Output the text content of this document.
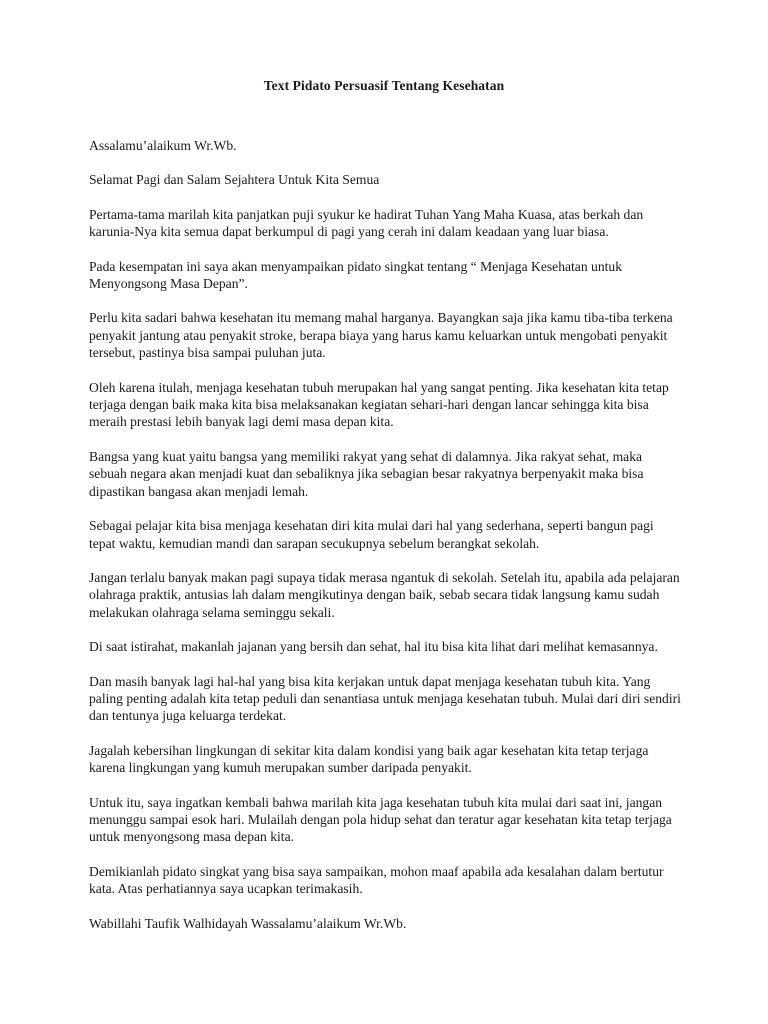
Text Pidato Persuasif Tentang Kesehatan

Assalamu’alaikum Wr.Wb.

Selamat Pagi dan Salam Sejahtera Untuk Kita Semua

Pertama-tama marilah kita panjatkan puji syukur ke hadirat Tuhan Yang Maha Kuasa, atas berkah dan karunia-Nya kita semua dapat berkumpul di pagi yang cerah ini dalam keadaan yang luar biasa.

Pada kesempatan ini saya akan menyampaikan pidato singkat tentang “ Menjaga Kesehatan untuk Menyongsong Masa Depan”.

Perlu kita sadari bahwa kesehatan itu memang mahal harganya. Bayangkan saja jika kamu tiba-tiba terkena penyakit jantung atau penyakit stroke, berapa biaya yang harus kamu keluarkan untuk mengobati penyakit tersebut, pastinya bisa sampai puluhan juta.

Oleh karena itulah, menjaga kesehatan tubuh merupakan hal yang sangat penting. Jika kesehatan kita tetap terjaga dengan baik maka kita bisa melaksanakan kegiatan sehari-hari dengan lancar sehingga kita bisa meraih prestasi lebih banyak lagi demi masa depan kita.

Bangsa yang kuat yaitu bangsa yang memiliki rakyat yang sehat di dalamnya. Jika rakyat sehat, maka sebuah negara akan menjadi kuat dan sebaliknya jika sebagian besar rakyatnya berpenyakit maka bisa dipastikan bangasa akan menjadi lemah.

Sebagai pelajar kita bisa menjaga kesehatan diri kita mulai dari hal yang sederhana, seperti bangun pagi tepat waktu, kemudian mandi dan sarapan secukupnya sebelum berangkat sekolah.

Jangan terlalu banyak makan pagi supaya tidak merasa ngantuk di sekolah. Setelah itu, apabila ada pelajaran olahraga praktik, antusias lah dalam mengikutinya dengan baik, sebab secara tidak langsung kamu sudah melakukan olahraga selama seminggu sekali.

Di saat istirahat, makanlah jajanan yang bersih dan sehat, hal itu bisa kita lihat dari melihat kemasannya.

Dan masih banyak lagi hal-hal yang bisa kita kerjakan untuk dapat menjaga kesehatan tubuh kita. Yang paling penting adalah kita tetap peduli dan senantiasa untuk menjaga kesehatan tubuh. Mulai dari diri sendiri dan tentunya juga keluarga terdekat.

Jagalah kebersihan lingkungan di sekitar kita dalam kondisi yang baik agar kesehatan kita tetap terjaga karena lingkungan yang kumuh merupakan sumber daripada penyakit.

Untuk itu, saya ingatkan kembali bahwa marilah kita jaga kesehatan tubuh kita mulai dari saat ini, jangan menunggu sampai esok hari. Mulailah dengan pola hidup sehat dan teratur agar kesehatan kita tetap terjaga untuk menyongsong masa depan kita.

Demikianlah pidato singkat yang bisa saya sampaikan, mohon maaf apabila ada kesalahan dalam bertutur kata. Atas perhatiannya saya ucapkan terimakasih.

Wabillahi Taufik Walhidayah Wassalamu’alaikum Wr.Wb.
